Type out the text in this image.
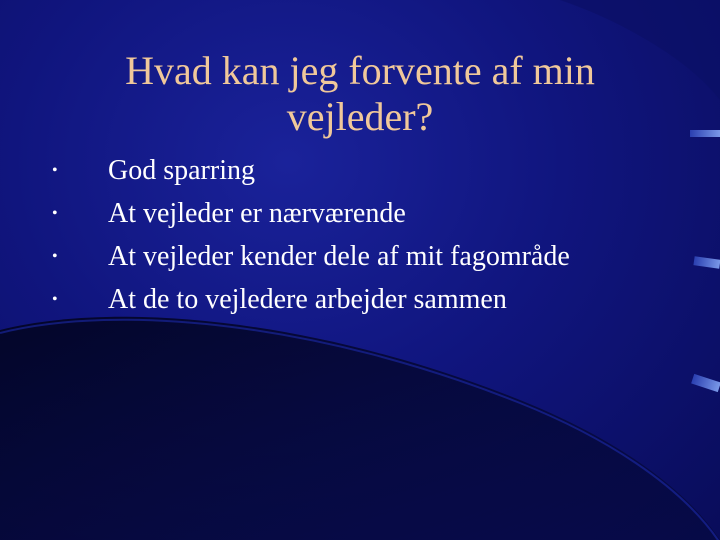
Hvad kan jeg forvente af min vejleder?
•	God sparring
•	At vejleder er nærværende
•	At vejleder kender dele af mit fagområde
•	At de to vejledere arbejder sammen
